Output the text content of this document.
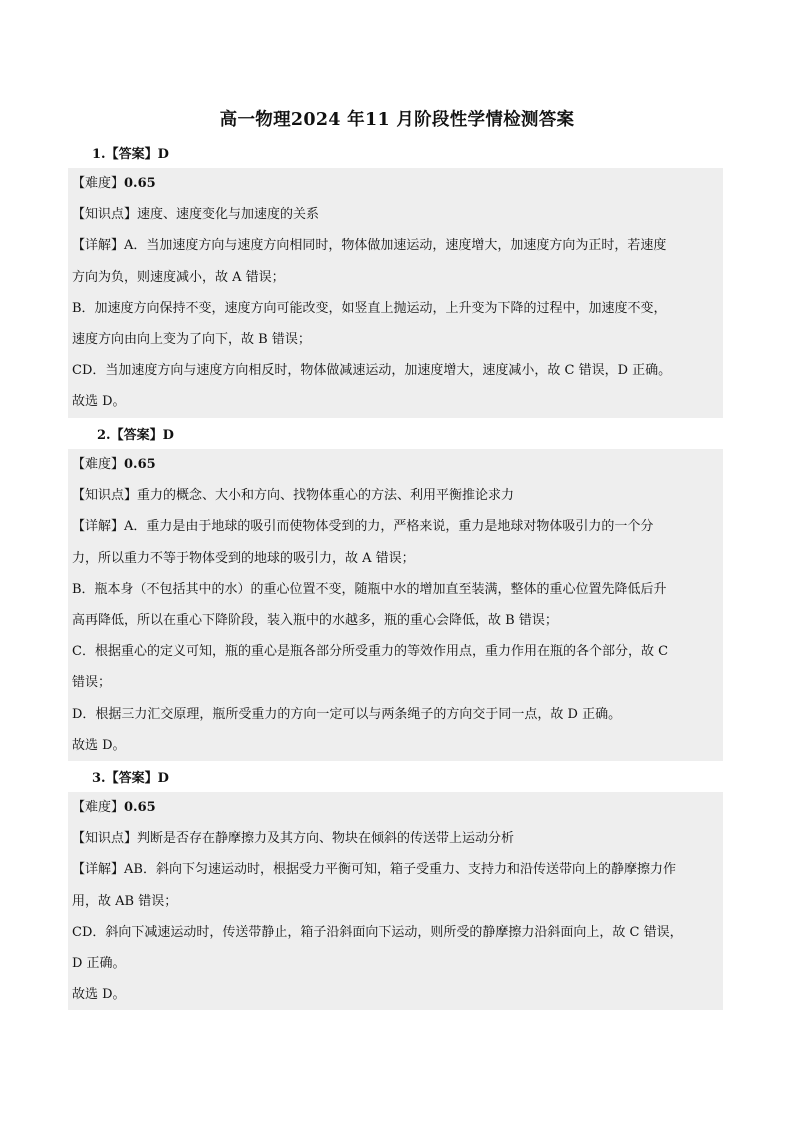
高一物理2024 年11 月阶段性学情检测答案
1.【答案】D
【难度】0.65
【知识点】速度、速度变化与加速度的关系
【详解】A．当加速度方向与速度方向相同时，物体做加速运动，速度增大，加速度方向为正时，若速度
方向为负，则速度减小，故 A 错误；
B．加速度方向保持不变，速度方向可能改变，如竖直上抛运动，上升变为下降的过程中，加速度不变，
速度方向由向上变为了向下，故 B 错误；
CD．当加速度方向与速度方向相反时，物体做减速运动，加速度增大，速度减小，故 C 错误，D 正确。
故选 D。
2.【答案】D
【难度】0.65
【知识点】重力的概念、大小和方向、找物体重心的方法、利用平衡推论求力
【详解】A．重力是由于地球的吸引而使物体受到的力，严格来说，重力是地球对物体吸引力的一个分
力，所以重力不等于物体受到的地球的吸引力，故 A 错误；
B．瓶本身（不包括其中的水）的重心位置不变，随瓶中水的增加直至装满，整体的重心位置先降低后升
高再降低，所以在重心下降阶段，装入瓶中的水越多，瓶的重心会降低，故 B 错误；
C．根据重心的定义可知，瓶的重心是瓶各部分所受重力的等效作用点，重力作用在瓶的各个部分，故 C
错误；
D．根据三力汇交原理，瓶所受重力的方向一定可以与两条绳子的方向交于同一点，故 D 正确。
故选 D。
3.【答案】D
【难度】0.65
【知识点】判断是否存在静摩擦力及其方向、物块在倾斜的传送带上运动分析
【详解】AB．斜向下匀速运动时，根据受力平衡可知，箱子受重力、支持力和沿传送带向上的静摩擦力作
用，故 AB 错误；
CD．斜向下减速运动时，传送带静止，箱子沿斜面向下运动，则所受的静摩擦力沿斜面向上，故 C 错误，
D 正确。
故选 D。
